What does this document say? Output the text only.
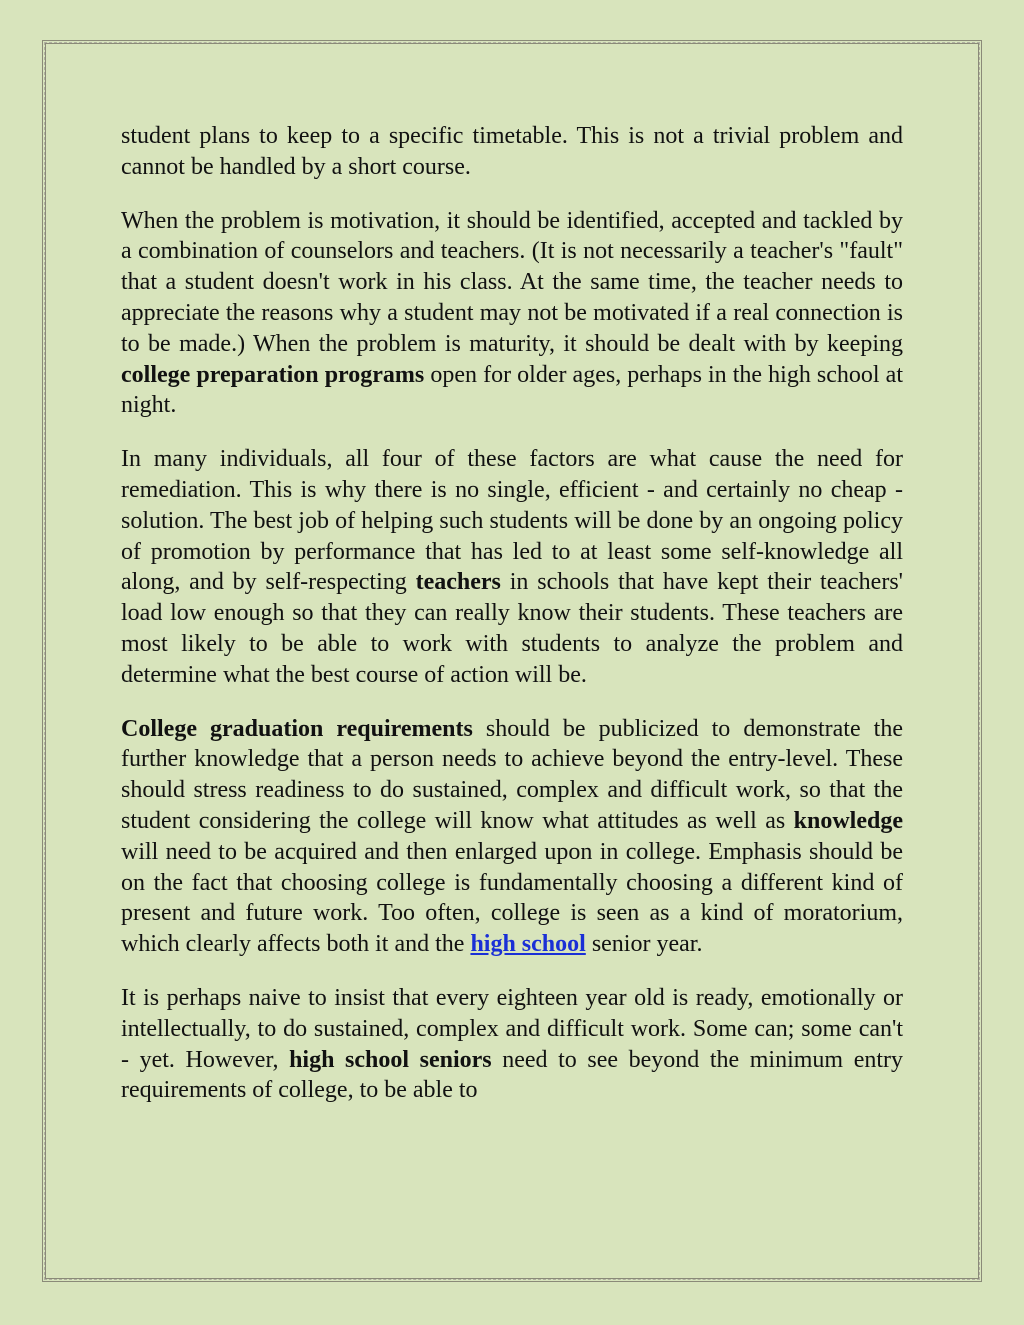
student plans to keep to a specific timetable. This is not a trivial problem and cannot be handled by a short course.

When the problem is motivation, it should be identified, accepted and tackled by a combination of counselors and teachers. (It is not necessarily a teacher's "fault" that a student doesn't work in his class. At the same time, the teacher needs to appreciate the reasons why a student may not be motivated if a real connection is to be made.) When the problem is maturity, it should be dealt with by keeping college preparation programs open for older ages, perhaps in the high school at night.

In many individuals, all four of these factors are what cause the need for remediation. This is why there is no single, efficient - and certainly no cheap - solution. The best job of helping such students will be done by an ongoing policy of promotion by performance that has led to at least some self-knowledge all along, and by self-respecting teachers in schools that have kept their teachers' load low enough so that they can really know their students. These teachers are most likely to be able to work with students to analyze the problem and determine what the best course of action will be.

College graduation requirements should be publicized to demonstrate the further knowledge that a person needs to achieve beyond the entry-level. These should stress readiness to do sustained, complex and difficult work, so that the student considering the college will know what attitudes as well as knowledge will need to be acquired and then enlarged upon in college. Emphasis should be on the fact that choosing college is fundamentally choosing a different kind of present and future work. Too often, college is seen as a kind of moratorium, which clearly affects both it and the high school senior year.

It is perhaps naive to insist that every eighteen year old is ready, emotionally or intellectually, to do sustained, complex and difficult work. Some can; some can't - yet. However, high school seniors need to see beyond the minimum entry requirements of college, to be able to
